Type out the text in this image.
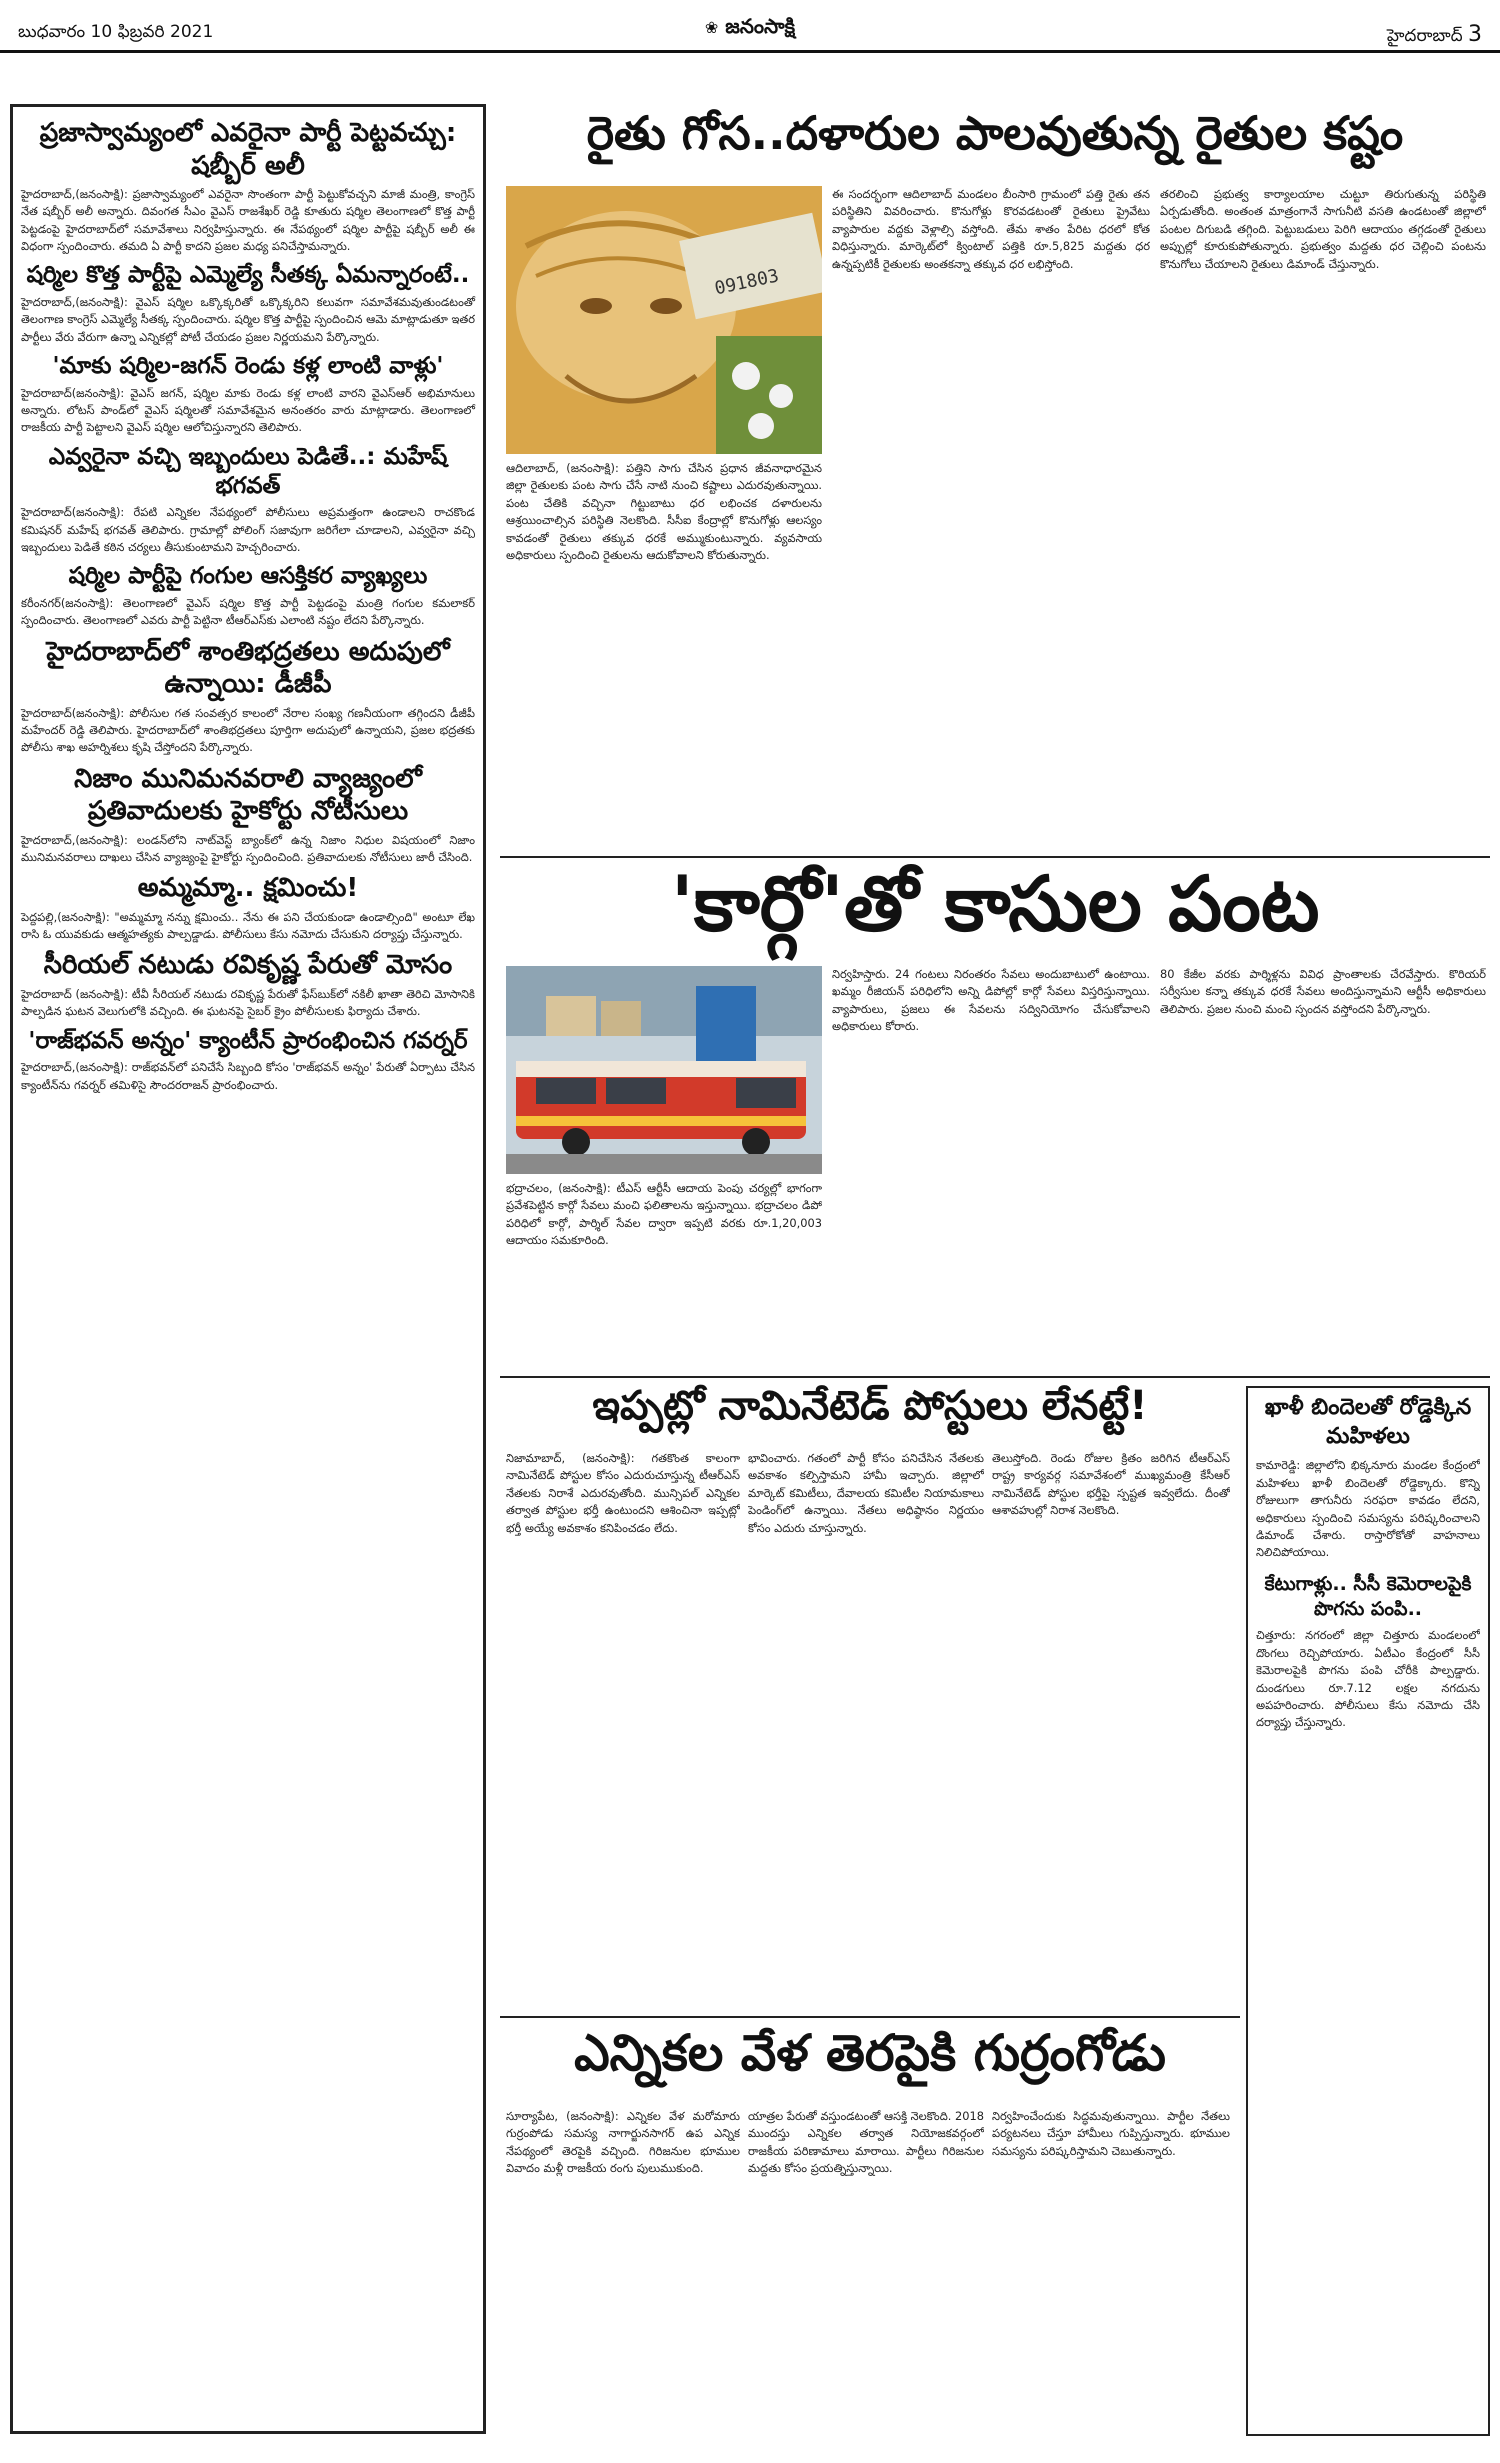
బుధవారం 10 ఫిబ్రవరి 2021	❀ జనంసాక్షి	హైదరాబాద్ 3
ప్రజాస్వామ్యంలో ఎవరైనా పార్టీ పెట్టవచ్చు: షబ్బీర్‌ అలీ

హైదరాబాద్‌,(జనంసాక్షి): ప్రజాస్వామ్యంలో ఎవరైనా సొంతంగా పార్టీ పెట్టుకోవచ్చని మాజీ మంత్రి, కాంగ్రెస్‌ నేత షబ్బీర్‌ అలీ అన్నారు. దివంగత సీఎం వైఎస్‌ రాజశేఖర్‌ రెడ్డి కూతురు షర్మిల తెలంగాణలో కొత్త పార్టీ పెట్టడంపై హైదరాబాద్‌లో సమావేశాలు నిర్వహిస్తున్నారు. ఈ నేపథ్యంలో షర్మిల పార్టీపై షబ్బీర్‌ అలీ ఈ విధంగా స్పందించారు. తమది ఏ పార్టీ కాదని ప్రజల మధ్య పనిచేస్తామన్నారు.

షర్మిల కొత్త పార్టీపై ఎమ్మెల్యే సీతక్క ఏమన్నారంటే..

హైదరాబాద్‌,(జనంసాక్షి): వైఎస్‌ షర్మిల ఒక్కొక్కరితో ఒక్కొక్కరిని కలువగా సమావేశమవుతుండటంతో తెలంగాణ కాంగ్రెస్‌ ఎమ్మెల్యే సీతక్క స్పందించారు. షర్మిల కొత్త పార్టీపై స్పందించిన ఆమె మాట్లాడుతూ ఇతర పార్టీలు వేరు వేరుగా ఉన్నా ఎన్నికల్లో పోటీ చేయడం ప్రజల నిర్ణయమని పేర్కొన్నారు.

'మాకు షర్మిల-జగన్‌ రెండు కళ్ల లాంటి వాళ్లు'

హైదరాబాద్‌(జనంసాక్షి): వైఎస్‌ జగన్‌, షర్మిల మాకు రెండు కళ్ల లాంటి వారని వైఎస్‌ఆర్‌ అభిమానులు అన్నారు. లోటస్‌ పాండ్‌లో వైఎస్‌ షర్మిలతో సమావేశమైన అనంతరం వారు మాట్లాడారు. తెలంగాణలో రాజకీయ పార్టీ పెట్టాలని వైఎస్‌ షర్మిల ఆలోచిస్తున్నారని తెలిపారు.

ఎవ్వరైనా వచ్చి ఇబ్బందులు పెడితే..: మహేష్‌ భగవత్‌

హైదరాబాద్‌(జనంసాక్షి): రేపటి ఎన్నికల నేపథ్యంలో పోలీసులు అప్రమత్తంగా ఉండాలని రాచకొండ కమిషనర్‌ మహేష్‌ భగవత్‌ తెలిపారు. గ్రామాల్లో పోలింగ్‌ సజావుగా జరిగేలా చూడాలని, ఎవ్వరైనా వచ్చి ఇబ్బందులు పెడితే కఠిన చర్యలు తీసుకుంటామని హెచ్చరించారు.

షర్మిల పార్టీపై గంగుల ఆసక్తికర వ్యాఖ్యలు

కరీంనగర్‌(జనంసాక్షి): తెలంగాణలో వైఎస్‌ షర్మిల కొత్త పార్టీ పెట్టడంపై మంత్రి గంగుల కమలాకర్‌ స్పందించారు. తెలంగాణలో ఎవరు పార్టీ పెట్టినా టీఆర్‌ఎస్‌కు ఎలాంటి నష్టం లేదని పేర్కొన్నారు.

హైదరాబాద్‌లో శాంతిభద్రతలు అదుపులో ఉన్నాయి: డీజీపీ

హైదరాబాద్‌(జనంసాక్షి): పోలీసుల గత సంవత్సర కాలంలో నేరాల సంఖ్య గణనీయంగా తగ్గిందని డీజీపీ మహేందర్‌ రెడ్డి తెలిపారు. హైదరాబాద్‌లో శాంతిభద్రతలు పూర్తిగా అదుపులో ఉన్నాయని, ప్రజల భద్రతకు పోలీసు శాఖ అహర్నిశలు కృషి చేస్తోందని పేర్కొన్నారు.

నిజాం మునిమనవరాలి వ్యాజ్యంలో ప్రతివాదులకు హైకోర్టు నోటీసులు

హైదరాబాద్‌,(జనంసాక్షి): లండన్‌లోని నాట్‌వెస్ట్‌ బ్యాంక్‌లో ఉన్న నిజాం నిధుల విషయంలో నిజాం మునిమనవరాలు దాఖలు చేసిన వ్యాజ్యంపై హైకోర్టు స్పందించింది. ప్రతివాదులకు నోటీసులు జారీ చేసింది.

అమ్మమ్మా.. క్షమించు!

పెద్దపల్లి,(జనంసాక్షి): "అమ్మమ్మా నన్ను క్షమించు.. నేను ఈ పని చేయకుండా ఉండాల్సింది" అంటూ లేఖ రాసి ఓ యువకుడు ఆత్మహత్యకు పాల్పడ్డాడు. పోలీసులు కేసు నమోదు చేసుకుని దర్యాప్తు చేస్తున్నారు.

సీరియల్‌ నటుడు రవికృష్ణ పేరుతో మోసం

హైదరాబాద్‌ (జనంసాక్షి): టీవీ సీరియల్‌ నటుడు రవికృష్ణ పేరుతో ఫేస్‌బుక్‌లో నకిలీ ఖాతా తెరిచి మోసానికి పాల్పడిన ఘటన వెలుగులోకి వచ్చింది. ఈ ఘటనపై సైబర్‌ క్రైం పోలీసులకు ఫిర్యాదు చేశారు.

'రాజ్‌భవన్‌ అన్నం' క్యాంటీన్‌ ప్రారంభించిన గవర్నర్‌

హైదరాబాద్‌,(జనంసాక్షి): రాజ్‌భవన్‌లో పనిచేసే సిబ్బంది కోసం 'రాజ్‌భవన్‌ అన్నం' పేరుతో ఏర్పాటు చేసిన క్యాంటీన్‌ను గవర్నర్‌ తమిళిసై సౌందరరాజన్‌ ప్రారంభించారు.

రైతు గోస..దళారుల పాలవుతున్న రైతుల కష్టం
091803
ఆదిలాబాద్‌, (జనంసాక్షి): పత్తిని సాగు చేసిన ప్రధాన జీవనాధారమైన జిల్లా రైతులకు పంట సాగు చేసే నాటి నుంచి కష్టాలు ఎదురవుతున్నాయి. పంట చేతికి వచ్చినా గిట్టుబాటు ధర లభించక దళారులను ఆశ్రయించాల్సిన పరిస్థితి నెలకొంది. సీసీఐ కేంద్రాల్లో కొనుగోళ్లు ఆలస్యం కావడంతో రైతులు తక్కువ ధరకే అమ్ముకుంటున్నారు. వ్యవసాయ అధికారులు స్పందించి రైతులను ఆదుకోవాలని కోరుతున్నారు.
ఈ సందర్భంగా ఆదిలాబాద్‌ మండలం బీంసారి గ్రామంలో పత్తి రైతు తన పరిస్థితిని వివరించారు. కొనుగోళ్లు కొరవడటంతో రైతులు ప్రైవేటు వ్యాపారుల వద్దకు వెళ్లాల్సి వస్తోంది. తేమ శాతం పేరిట ధరలో కోత విధిస్తున్నారు. మార్కెట్‌లో క్వింటాల్‌ పత్తికి రూ.5,825 మద్దతు ధర ఉన్నప్పటికీ రైతులకు అంతకన్నా తక్కువ ధర లభిస్తోంది.
తరలించి ప్రభుత్వ కార్యాలయాల చుట్టూ తిరుగుతున్న పరిస్థితి ఏర్పడుతోంది. అంతంత మాత్రంగానే సాగునీటి వసతి ఉండటంతో జిల్లాలో పంటల దిగుబడి తగ్గింది. పెట్టుబడులు పెరిగి ఆదాయం తగ్గడంతో రైతులు అప్పుల్లో కూరుకుపోతున్నారు. ప్రభుత్వం మద్దతు ధర చెల్లించి పంటను కొనుగోలు చేయాలని రైతులు డిమాండ్‌ చేస్తున్నారు.
'కార్గో'తో కాసుల పంట
భద్రాచలం, (జనంసాక్షి): టీఎస్‌ ఆర్టీసీ ఆదాయ పెంపు చర్యల్లో భాగంగా ప్రవేశపెట్టిన కార్గో సేవలు మంచి ఫలితాలను ఇస్తున్నాయి. భద్రాచలం డిపో పరిధిలో కార్గో, పార్శిల్‌ సేవల ద్వారా ఇప్పటి వరకు రూ.1,20,003 ఆదాయం సమకూరింది.
నిర్వహిస్తారు. 24 గంటలు నిరంతరం సేవలు అందుబాటులో ఉంటాయి. ఖమ్మం రీజియన్‌ పరిధిలోని అన్ని డిపోల్లో కార్గో సేవలు విస్తరిస్తున్నాయి. వ్యాపారులు, ప్రజలు ఈ సేవలను సద్వినియోగం చేసుకోవాలని అధికారులు కోరారు.
80 కేజీల వరకు పార్శిళ్లను వివిధ ప్రాంతాలకు చేరవేస్తారు. కొరియర్‌ సర్వీసుల కన్నా తక్కువ ధరకే సేవలు అందిస్తున్నామని ఆర్టీసీ అధికారులు తెలిపారు. ప్రజల నుంచి మంచి స్పందన వస్తోందని పేర్కొన్నారు.
ఇప్పట్లో నామినేటెడ్‌ పోస్టులు లేనట్టే!
నిజామాబాద్‌, (జనంసాక్షి): గతకొంత కాలంగా నామినేటెడ్‌ పోస్టుల కోసం ఎదురుచూస్తున్న టీఆర్‌ఎస్‌ నేతలకు నిరాశే ఎదురవుతోంది. మున్సిపల్‌ ఎన్నికల తర్వాత పోస్టుల భర్తీ ఉంటుందని ఆశించినా ఇప్పట్లో భర్తీ అయ్యే అవకాశం కనిపించడం లేదు.
భావించారు. గతంలో పార్టీ కోసం పనిచేసిన నేతలకు అవకాశం కల్పిస్తామని హామీ ఇచ్చారు. జిల్లాలో మార్కెట్‌ కమిటీలు, దేవాలయ కమిటీల నియామకాలు పెండింగ్‌లో ఉన్నాయి. నేతలు అధిష్ఠానం నిర్ణయం కోసం ఎదురు చూస్తున్నారు.
తెలుస్తోంది. రెండు రోజుల క్రితం జరిగిన టీఆర్‌ఎస్‌ రాష్ట్ర కార్యవర్గ సమావేశంలో ముఖ్యమంత్రి కేసీఆర్‌ నామినేటెడ్‌ పోస్టుల భర్తీపై స్పష్టత ఇవ్వలేదు. దీంతో ఆశావహుల్లో నిరాశ నెలకొంది.
ఖాళీ బిందెలతో రోడ్డెక్కిన మహిళలు

కామారెడ్డి: జిల్లాలోని భిక్కనూరు మండల కేంద్రంలో మహిళలు ఖాళీ బిందెలతో రోడ్డెక్కారు. కొన్ని రోజులుగా తాగునీరు సరఫరా కావడం లేదని, అధికారులు స్పందించి సమస్యను పరిష్కరించాలని డిమాండ్‌ చేశారు. రాస్తారోకోతో వాహనాలు నిలిచిపోయాయి.

కేటుగాళ్లు.. సీసీ కెమెరాలపైకి పొగను పంపి..

చిత్తూరు: నగరంలో జిల్లా చిత్తూరు మండలంలో దొంగలు రెచ్చిపోయారు. ఏటీఎం కేంద్రంలో సీసీ కెమెరాలపైకి పొగను పంపి చోరీకి పాల్పడ్డారు. దుండగులు రూ.7.12 లక్షల నగదును అపహరించారు. పోలీసులు కేసు నమోదు చేసి దర్యాప్తు చేస్తున్నారు.

ఎన్నికల వేళ తెరపైకి గుర్రంగోడు
సూర్యాపేట, (జనంసాక్షి): ఎన్నికల వేళ మరోమారు గుర్రంపోడు సమస్య నాగార్జునసాగర్‌ ఉప ఎన్నిక నేపథ్యంలో తెరపైకి వచ్చింది. గిరిజనుల భూముల వివాదం మళ్లీ రాజకీయ రంగు పులుముకుంది.
యాత్రల పేరుతో వస్తుండటంతో ఆసక్తి నెలకొంది. 2018 ముందస్తు ఎన్నికల తర్వాత నియోజకవర్గంలో రాజకీయ పరిణామాలు మారాయి. పార్టీలు గిరిజనుల మద్దతు కోసం ప్రయత్నిస్తున్నాయి.
నిర్వహించేందుకు సిద్ధమవుతున్నాయి. పార్టీల నేతలు పర్యటనలు చేస్తూ హామీలు గుప్పిస్తున్నారు. భూముల సమస్యను పరిష్కరిస్తామని చెబుతున్నారు.
